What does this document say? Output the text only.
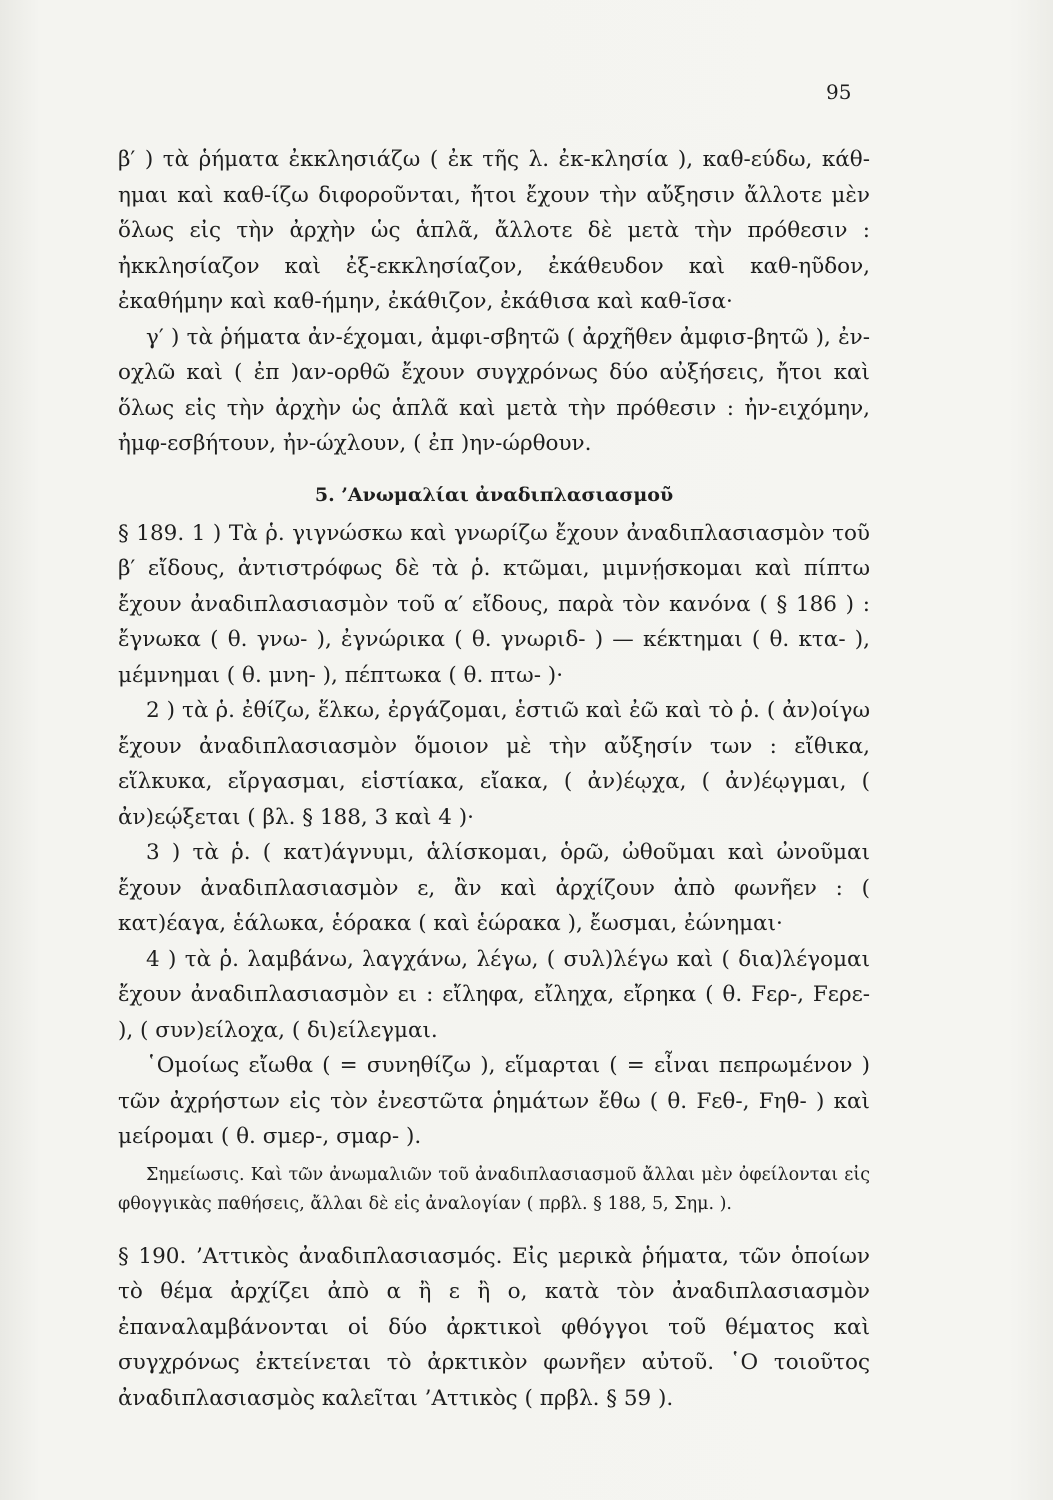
95

β′ ) τὰ ῥήματα ἐκκλησιάζω ( ἐκ τῆς λ. ἐκ-κλησία ), καθ-εύδω, κάθ-ημαι καὶ καθ-ίζω διφοροῦνται, ἤτοι ἔχουν τὴν αὔξησιν ἄλλοτε μὲν ὅλως εἰς τὴν ἀρχὴν ὡς ἁπλᾶ, ἄλλοτε δὲ μετὰ τὴν πρόθεσιν : ἠκκλησίαζον καὶ ἐξ-εκκλησίαζον, ἐκάθευδον καὶ καθ-ηῦδον, ἐκαθήμην καὶ καθ-ήμην, ἐκάθιζον, ἐκάθισα καὶ καθ-ῖσα·

γ′ ) τὰ ῥήματα ἀν-έχομαι, ἀμφι-σβητῶ ( ἀρχῆθεν ἀμφισ-βητῶ ), ἐν-οχλῶ καὶ ( ἐπ )αν-ορθῶ ἔχουν συγχρόνως δύο αὐξήσεις, ἤτοι καὶ ὅλως εἰς τὴν ἀρχὴν ὡς ἁπλᾶ καὶ μετὰ τὴν πρόθεσιν : ἠν-ειχόμην, ἠμφ-εσβήτουν, ἠν-ώχλουν, ( ἐπ )ην-ώρθουν.

5. ’Ανωμαλίαι ἀναδιπλασιασμοῦ

§ 189. 1 ) Τὰ ῥ. γιγνώσκω καὶ γνωρίζω ἔχουν ἀναδιπλασιασμὸν τοῦ β′ εἴδους, ἀντιστρόφως δὲ τὰ ῥ. κτῶμαι, μιμνῄσκομαι καὶ πίπτω ἔχουν ἀναδιπλασιασμὸν τοῦ α′ εἴδους, παρὰ τὸν κανόνα ( § 186 ) : ἔγνωκα ( θ. γνω- ), ἐγνώρικα ( θ. γνωριδ- ) — κέκτημαι ( θ. κτα- ), μέμνημαι ( θ. μνη- ), πέπτωκα ( θ. πτω- )·

2 ) τὰ ῥ. ἐθίζω, ἕλκω, ἐργάζομαι, ἑστιῶ καὶ ἐῶ καὶ τὸ ῥ. ( ἀν)οίγω ἔχουν ἀναδιπλασιασμὸν ὅμοιον μὲ τὴν αὔξησίν των : εἴθικα, εἵλκυκα, εἴργασμαι, εἱστίακα, εἴακα, ( ἀν)έῳχα, ( ἀν)έῳγμαι, ( ἀν)εῴξεται ( βλ. § 188, 3 καὶ 4 )·

3 ) τὰ ῥ. ( κατ)άγνυμι, ἁλίσκομαι, ὁρῶ, ὠθοῦμαι καὶ ὠνοῦμαι ἔχουν ἀναδιπλασιασμὸν ε, ἂν καὶ ἀρχίζουν ἀπὸ φωνῆεν : ( κατ)έαγα, ἑάλωκα, ἑόρακα ( καὶ ἑώρακα ), ἔωσμαι, ἐώνημαι·

4 ) τὰ ῥ. λαμβάνω, λαγχάνω, λέγω, ( συλ)λέγω καὶ ( δια)λέγομαι ἔχουν ἀναδιπλασιασμὸν ει : εἴληφα, εἴληχα, εἴρηκα ( θ. Fερ-, Fερε- ), ( συν)είλοχα, ( δι)είλεγμαι.

῾Ομοίως εἴωθα ( = συνηθίζω ), εἵμαρται ( = εἶναι πεπρωμένον ) τῶν ἀχρήστων εἰς τὸν ἐνεστῶτα ῥημάτων ἔθω ( θ. Fεθ-, Fηθ- ) καὶ μείρομαι ( θ. σμερ-, σμαρ- ).

Σημείωσις. Καὶ τῶν ἀνωμαλιῶν τοῦ ἀναδιπλασιασμοῦ ἄλλαι μὲν ὀφείλονται εἰς φθογγικὰς παθήσεις, ἄλλαι δὲ εἰς ἀναλογίαν ( πρβλ. § 188, 5, Σημ. ).

§ 190. ’Αττικὸς ἀναδιπλασιασμός. Εἰς μερικὰ ῥήματα, τῶν ὁποίων τὸ θέμα ἀρχίζει ἀπὸ α ἢ ε ἢ ο, κατὰ τὸν ἀναδιπλασιασμὸν ἐπαναλαμβάνονται οἱ δύο ἀρκτικοὶ φθόγγοι τοῦ θέματος καὶ συγχρόνως ἐκτείνεται τὸ ἀρκτικὸν φωνῆεν αὐτοῦ. ῾Ο τοιοῦτος ἀναδιπλασιασμὸς καλεῖται ’Αττικὸς ( πρβλ. § 59 ).
